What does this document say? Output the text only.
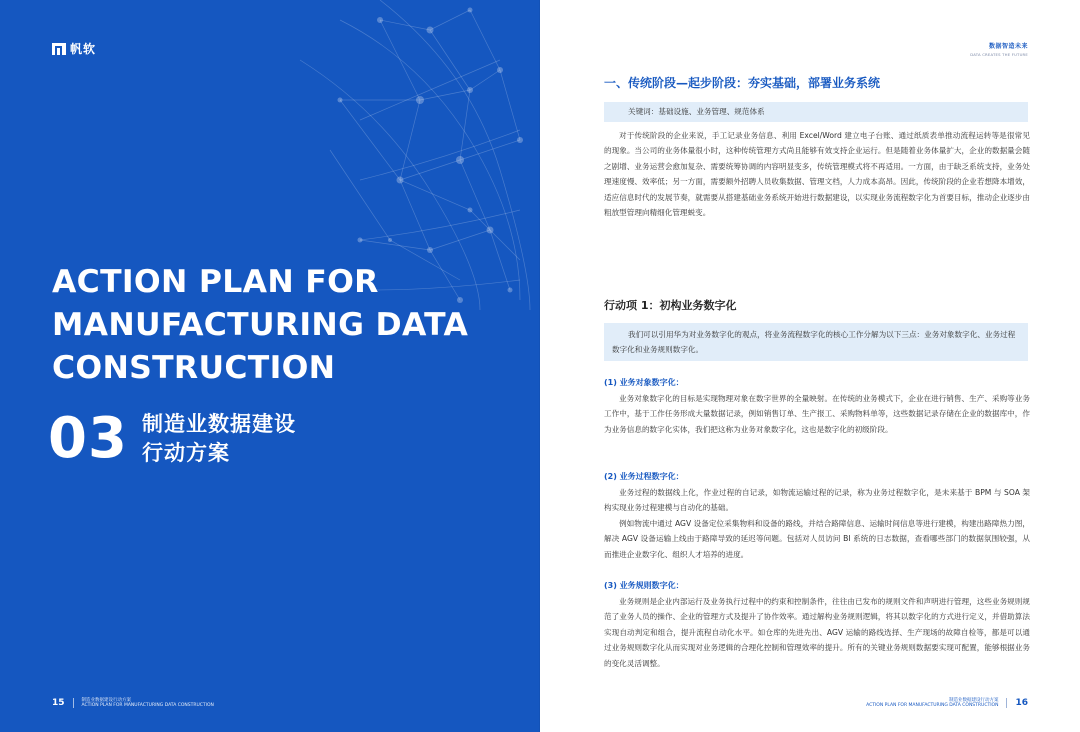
帆软
ACTION PLAN FOR
MANUFACTURING DATA
CONSTRUCTION
03 制造业数据建设
行动方案
15	制造业数据建设行动方案
ACTION PLAN FOR MANUFACTURING DATA CONSTRUCTION
数据智造未来
DATA CREATES THE FUTURE
一、传统阶段—起步阶段：夯实基础，部署业务系统
关键词：基础设施、业务管理、规范体系

对于传统阶段的企业来说，手工记录业务信息、利用 Excel/Word 建立电子台账、通过纸质表单推动流程运转等是很常见的现象。当公司的业务体量很小时，这种传统管理方式尚且能够有效支持企业运行。但是随着业务体量扩大，企业的数据量会随之剧增、业务运营会愈加复杂、需要统筹协调的内容明显变多，传统管理模式将不再适用。一方面，由于缺乏系统支持，业务处理速度慢、效率低；另一方面，需要额外招聘人员收集数据、管理文档，人力成本高昂。因此，传统阶段的企业若想降本增效，适应信息时代的发展节奏，就需要从搭建基础业务系统开始进行数据建设，以实现业务流程数字化为首要目标，推动企业逐步由粗放型管理向精细化管理蜕变。

行动项 1：初构业务数字化
我们可以引用华为对业务数字化的观点，将业务流程数字化的核心工作分解为以下三点：业务对象数字化、业务过程数字化和业务规则数字化。
(1) 业务对象数字化：

业务对象数字化的目标是实现物理对象在数字世界的全量映射。在传统的业务模式下，企业在进行销售、生产、采购等业务工作中，基于工作任务形成大量数据记录，例如销售订单、生产报工、采购物料单等，这些数据记录存储在企业的数据库中，作为业务信息的数字化实体，我们把这称为业务对象数字化，这也是数字化的初级阶段。

(2) 业务过程数字化：

业务过程的数据线上化，作业过程的自记录，如物流运输过程的记录，称为业务过程数字化，是未来基于 BPM 与 SOA 架构实现业务过程建模与自动化的基础。

例如物流中通过 AGV 设备定位采集物料和设备的路线，并结合路障信息、运输时间信息等进行建模，构建出路障热力图，解决 AGV 设备运输上线由于路障导致的延迟等问题。包括对人员访问 BI 系统的日志数据，查看哪些部门的数据氛围较强，从而推进企业数字化、组织人才培养的进度。

(3) 业务规则数字化：

业务规则是企业内部运行及业务执行过程中的约束和控制条件，往往由已发布的规则文件和声明进行管理，这些业务规则规范了业务人员的操作、企业的管理方式及提升了协作效率。通过解构业务规则逻辑，将其以数字化的方式进行定义，并借助算法实现自动判定和组合，提升流程自动化水平。如仓库的先进先出、AGV 运输的路线选择、生产现场的故障自检等，都是可以通过业务规则数字化从而实现对业务逻辑的合理化控制和管理效率的提升。所有的关键业务规则数据要实现可配置，能够根据业务的变化灵活调整。

制造业数据建设行动方案
ACTION PLAN FOR MANUFACTURING DATA CONSTRUCTION 16
